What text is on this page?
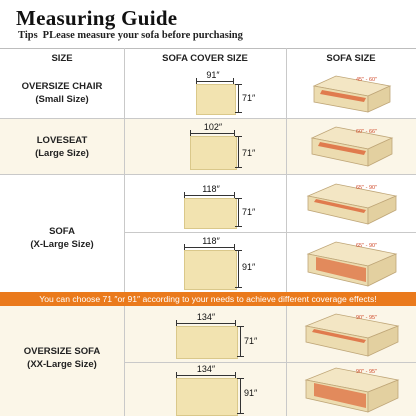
Measuring Guide
Tips PLease measure your sofa before purchasing
SIZE	SOFA COVER SIZE	SOFA SIZE
OVERSIZE CHAIR
(Small Size)
LOVESEAT
(Large Size)
SOFA
(X-Large Size)
OVERSIZE SOFA
(XX-Large Size)
91″
71″
102″
71″
118″
71″
118″
91″
You can choose 71 ″or 91″ according to your needs to achieve different coverage effects!
134″
71″
134″
91″
45″ - 60″
60″ - 66″
65″ - 90″
65″ - 90″
90″ - 95″
90″ - 95″
